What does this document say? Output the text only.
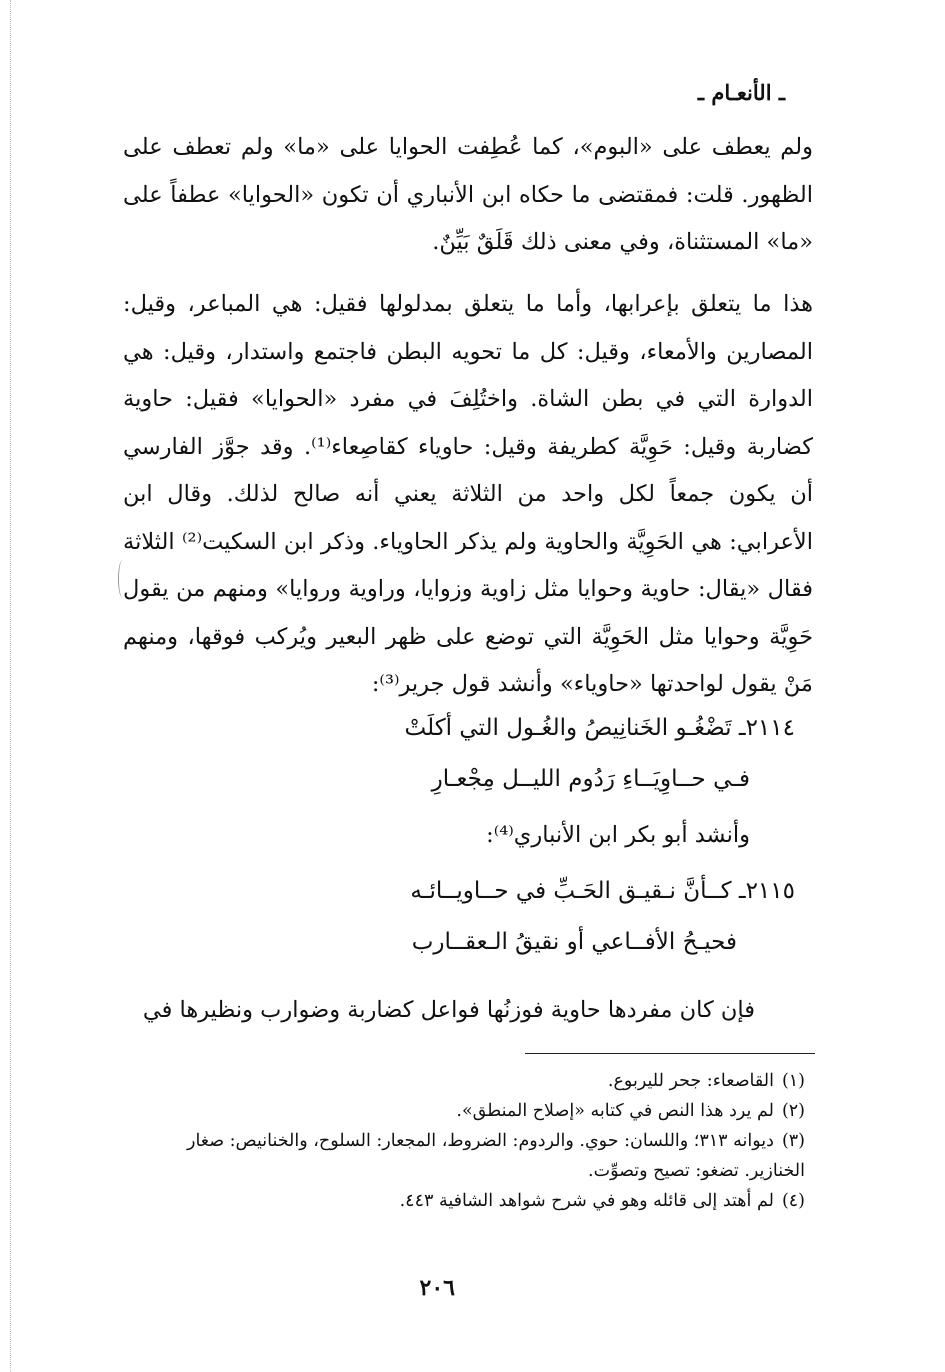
ـ الأنعـام ـ
ولم يعطف على «البوم»، كما عُطِفت الحوايا على «ما» ولم تعطف على الظهور. قلت: فمقتضى ما حكاه ابن الأنباري أن تكون «الحوايا» عطفاً على «ما» المستثناة، وفي معنى ذلك قَلَقٌ بَيِّنٌ.
هذا ما يتعلق بإعرابها، وأما ما يتعلق بمدلولها فقيل: هي المباعر، وقيل: المصارين والأمعاء، وقيل: كل ما تحويه البطن فاجتمع واستدار، وقيل: هي الدوارة التي في بطن الشاة. واختُلِفَ في مفرد «الحوايا» فقيل: حاوية كضاربة وقيل: حَوِيَّة كطريفة وقيل: حاوياء كقاصِعاء⁽¹⁾. وقد جوَّز الفارسي أن يكون جمعاً لكل واحد من الثلاثة يعني أنه صالح لذلك. وقال ابن الأعرابي: هي الحَوِيَّة والحاوية ولم يذكر الحاوياء. وذكر ابن السكيت⁽²⁾ الثلاثة فقال «يقال: حاوية وحوايا مثل زاوية وزوايا، وراوية وروايا» ومنهم من يقول حَوِيَّة وحوايا مثل الحَوِيَّة التي توضع على ظهر البعير ويُركب فوقها، ومنهم مَنْ يقول لواحدتها «حاوياء» وأنشد قول جرير⁽³⁾:
٢١١٤ـ تَضْغُـو الخَنانِيصُ والغُـول التي أكلَتْ
فـي حــاوِيَــاءِ رَدُوم الليــل مِجْعـارِ
وأنشد أبو بكر ابن الأنباري⁽⁴⁾:
٢١١٥ـ كــأنَّ نـقيـق الحَـبِّ في حــاويــائـه
فحيـحُ الأفــاعي أو نقيقُ الـعقــارب
فإن كان مفردها حاوية فوزنُها فواعل كضاربة وضوارب ونظيرها في
(١)القاصعاء: جحر لليربوع.
(٢)لم يرد هذا النص في كتابه «إصلاح المنطق».
(٣)ديوانه ٣١٣؛ واللسان: حوي. والردوم: الضروط، المجعار: السلوح، والخنانيص: صغار الخنازير. تضغو: تصيح وتصوِّت.
(٤)لم أهتد إلى قائله وهو في شرح شواهد الشافية ٤٤٣.
٢٠٦
